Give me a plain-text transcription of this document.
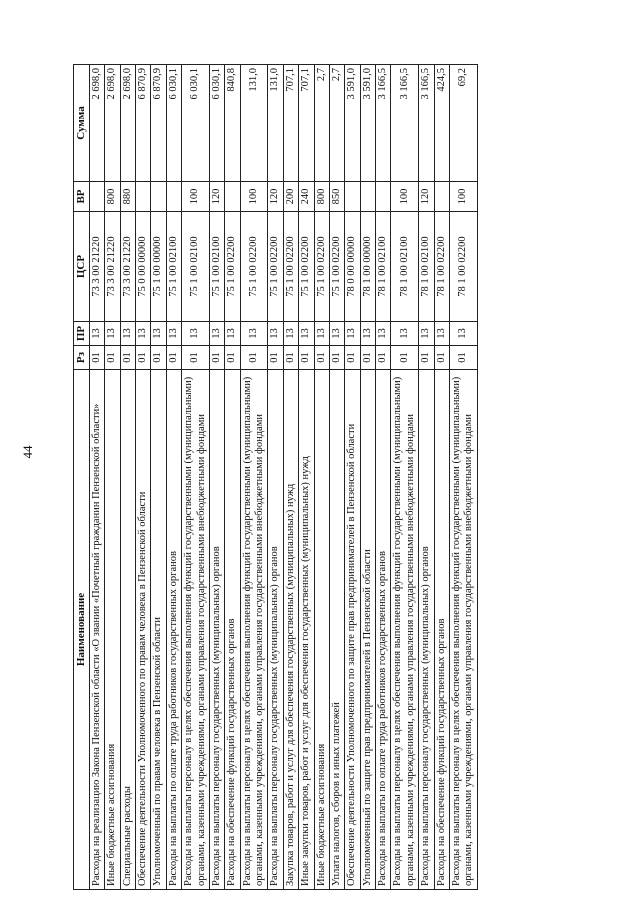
44
Наименование	Рз	ПР	ЦСР	ВР	Сумма
Расходы на реализацию Закона Пензенской области «О звании «Почетный гражданин Пензенской области»	01	13	73 3 00 21220		2 698,0
Иные бюджетные ассигнования	01	13	73 3 00 21220	800	2 698,0
Специальные расходы	01	13	73 3 00 21220	880	2 698,0
Обеспечение деятельности Уполномоченного по правам человека в Пензенской области	01	13	75 0 00 00000		6 870,9
Уполномоченный по правам человека в Пензенской области	01	13	75 1 00 00000		6 870,9
Расходы на выплаты по оплате труда работников государственных органов	01	13	75 1 00 02100		6 030,1
Расходы на выплаты персоналу в целях обеспечения выполнения функций государственными (муниципальными) органами, казенными учреждениями, органами управления государственными внебюджетными фондами	01	13	75 1 00 02100	100	6 030,1
Расходы на выплаты персоналу государственных (муниципальных) органов	01	13	75 1 00 02100	120	6 030,1
Расходы на обеспечение функций государственных органов	01	13	75 1 00 02200		840,8
Расходы на выплаты персоналу в целях обеспечения выполнения функций государственными (муниципальными) органами, казенными учреждениями, органами управления государственными внебюджетными фондами	01	13	75 1 00 02200	100	131,0
Расходы на выплаты персоналу государственных (муниципальных) органов	01	13	75 1 00 02200	120	131,0
Закупка товаров, работ и услуг для обеспечения государственных (муниципальных) нужд	01	13	75 1 00 02200	200	707,1
Иные закупки товаров, работ и услуг для обеспечения государственных (муниципальных) нужд	01	13	75 1 00 02200	240	707,1
Иные бюджетные ассигнования	01	13	75 1 00 02200	800	2,7
Уплата налогов, сборов и иных платежей	01	13	75 1 00 02200	850	2,7
Обеспечение деятельности Уполномоченного по защите прав предпринимателей в Пензенской области	01	13	78 0 00 00000		3 591,0
Уполномоченный по защите прав предпринимателей в Пензенской области	01	13	78 1 00 00000		3 591,0
Расходы на выплаты по оплате труда работников государственных органов	01	13	78 1 00 02100		3 166,5
Расходы на выплаты персоналу в целях обеспечения выполнения функций государственными (муниципальными) органами, казенными учреждениями, органами управления государственными внебюджетными фондами	01	13	78 1 00 02100	100	3 166,5
Расходы на выплаты персоналу государственных (муниципальных) органов	01	13	78 1 00 02100	120	3 166,5
Расходы на обеспечение функций государственных органов	01	13	78 1 00 02200		424,5
Расходы на выплаты персоналу в целях обеспечения выполнения функций государственными (муниципальными) органами, казенными учреждениями, органами управления государственными внебюджетными фондами	01	13	78 1 00 02200	100	69,2
